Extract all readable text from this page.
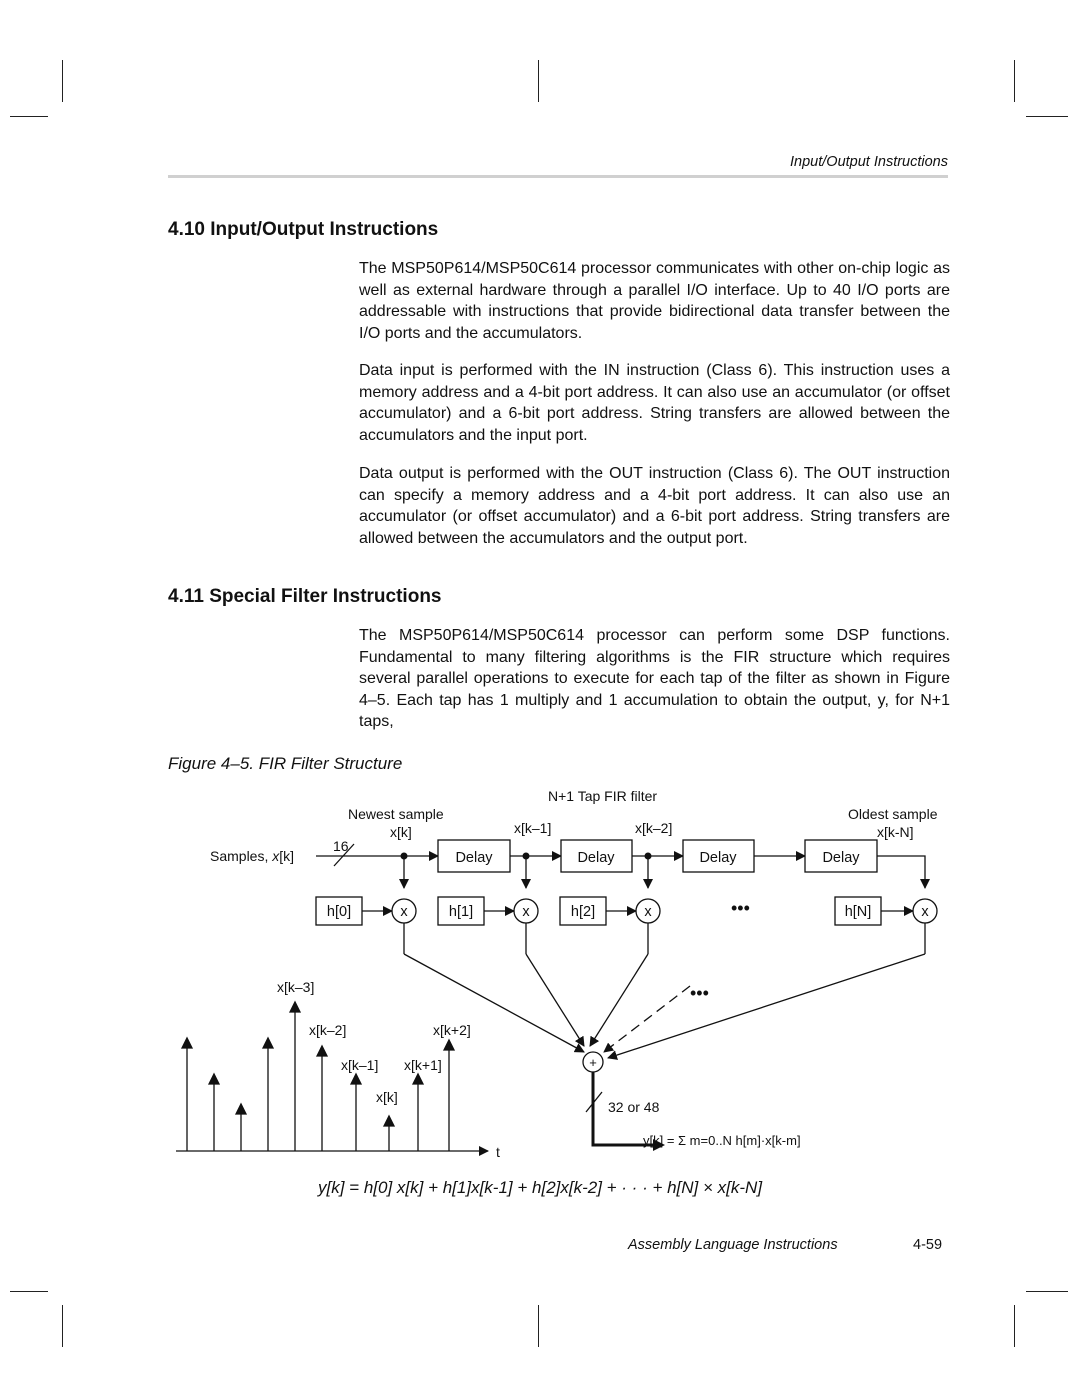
Input/Output Instructions
4.10 Input/Output Instructions

The MSP50P614/MSP50C614 processor communicates with other on-chip logic as well as external hardware through a parallel I/O interface. Up to 40 I/O ports are addressable with instructions that provide bidirectional data transfer between the I/O ports and the accumulators.

Data input is performed with the IN instruction (Class 6). This instruction uses a memory address and a 4-bit port address. It can also use an accumulator (or offset accumulator) and a 6-bit port address. String transfers are allowed between the accumulators and the input port.

Data output is performed with the OUT instruction (Class 6). The OUT instruction can specify a memory address and a 4-bit port address. It can also use an accumulator (or offset accumulator) and a 6-bit port address. String transfers are allowed between the accumulators and the output port.

4.11 Special Filter Instructions

The MSP50P614/MSP50C614 processor can perform some DSP functions. Fundamental to many filtering algorithms is the FIR structure which requires several parallel operations to execute for each tap of the filter as shown in Figure 4–5. Each tap has 1 multiply and 1 accumulation to obtain the output, y, for N+1 taps,

Figure 4–5. FIR Filter Structure
Delay	Delay	Delay	Delay
h[0]	h[1]	h[2]	h[N]
x	x	x	x
+
N+1 Tap FIR filter
Newest sample	Oldest sample
x[k]	x[k–1]	x[k–2]	x[k-N]
16
Samples, x[k]
32 or 48
y[k] = Σ m=0..N h[m]·x[k-m]
t
•••
•••
x[k–3]
x[k–2]	x[k+2]
x[k–1] x[k+1]
x[k]
y[k] = h[0] x[k] + h[1]x[k-1] + h[2]x[k-2] + · · · + h[N] × x[k-N]
Assembly Language Instructions	4-59
